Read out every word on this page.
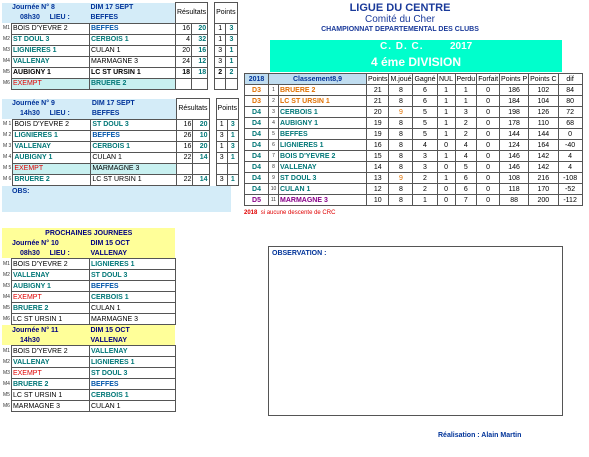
Journée N° 8		DIM 17 SEPT	Résultats			Points		
08h30 LIEU :		BEFFES						
M1	BOIS D'YEVRE 2	BEFFES	16	20		1	3	
M2	ST DOUL 3	CERBOIS 1	4	32		1	3	
M3	LIGNIERES 1	CULAN 1	20	16		3	1	
M4	VALLENAY	MARMAGNE 3	24	12		3	1	
M5	AUBIGNY 1	LC ST URSIN 1	18	18		2	2	
M6	EXEMPT	BRUERE 2						
Journée N° 9		DIM 17 SEPT	Résultats			Points		
14h30 LIEU :		BEFFES						
M 1	BOIS D'YEVRE 2	ST DOUL 3	16	20		1	3	
M 2	LIGNIERES 1	BEFFES	26	10		3	1	
M 3	VALLENAY	CERBOIS 1	16	20		1	3	
M 4	AUBIGNY 1	CULAN 1	22	14		3	1	
M 5	EXEMPT	MARMAGNE 3						
M 6	BRUERE 2	LC ST URSIN 1	22	14		3	1	
OBS:
LIGUE DU CENTRE
Comité du Cher
CHAMPIONNAT DEPARTEMENTAL DES CLUBS
C. D. C.	2017
4 éme DIVISION
2018	Classement8,9		Points	M.joué	Gagné	NUL	Perdu	Forfait	Points P	Points C	dif
D3	1	BRUERE 2	21	8	6	1	1	0	186	102	84
D3	2	LC ST URSIN 1	21	8	6	1	1	0	184	104	80
D4	3	CERBOIS 1	20	9	5	1	3	0	198	126	72
D4	4	AUBIGNY 1	19	8	5	1	2	0	178	110	68
D4	5	BEFFES	19	8	5	1	2	0	144	144	0
D4	6	LIGNIERES 1	16	8	4	0	4	0	124	164	-40
D4	7	BOIS D'YEVRE 2	15	8	3	1	4	0	146	142	4
D4	8	VALLENAY	14	8	3	0	5	0	146	142	4
D4	9	ST DOUL 3	13	9	2	1	6	0	108	216	-108
D4	10	CULAN 1	12	8	2	0	6	0	118	170	-52
D5	11	MARMAGNE 3	10	8	1	0	7	0	88	200	-112
2018 si aucune descente de CRC
PROCHAINES JOURNEES		
Journée N° 10		DIM 15 OCT
08h30 LIEU :		VALLENAY
M1	BOIS D'YEVRE 2	LIGNIERES 1
M2	VALLENAY	ST DOUL 3
M3	AUBIGNY 1	BEFFES
M4	EXEMPT	CERBOIS 1
M5	BRUERE 2	CULAN 1
M6	LC ST URSIN 1	MARMAGNE 3
Journée N° 11		DIM 15 OCT
14h30		VALLENAY
M1	BOIS D'YEVRE 2	VALLENAY
M2	VALLENAY	LIGNIERES 1
M3	EXEMPT	ST DOUL 3
M4	BRUERE 2	BEFFES
M5	LC ST URSIN 1	CERBOIS 1
M6	MARMAGNE 3	CULAN 1
OBSERVATION :
Réalisation : Alain Martin
